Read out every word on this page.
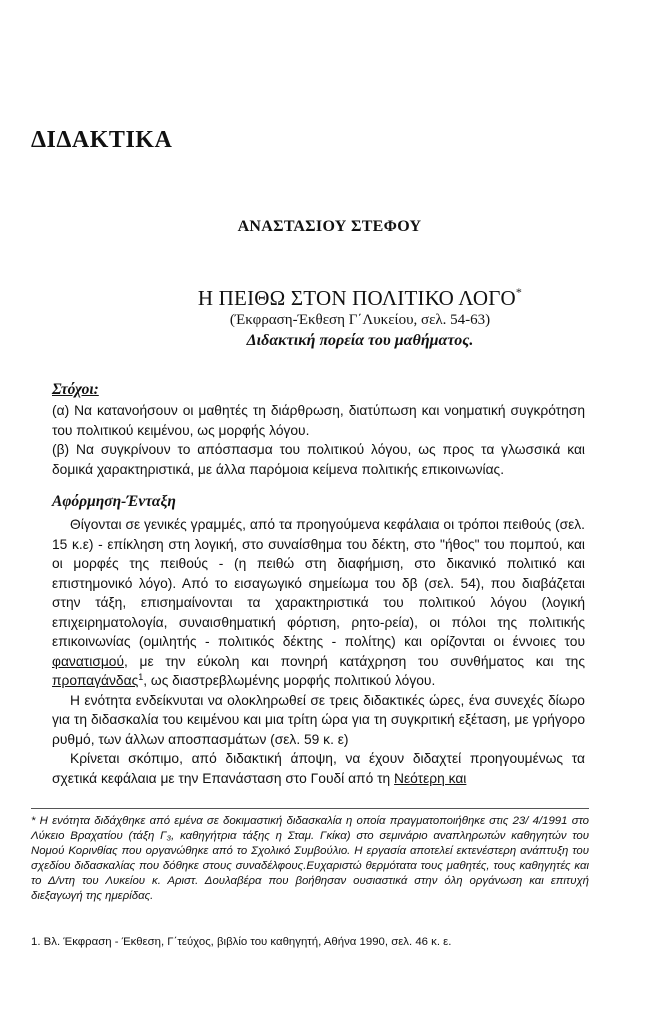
ΔΙΔΑΚΤΙΚΑ
ΑΝΑΣΤΑΣΙΟΥ ΣΤΕΦΟΥ
Η ΠΕΙΘΩ ΣΤΟΝ ΠΟΛΙΤΙΚΟ ΛΟΓΟ*
(Έκφραση-Έκθεση Γ΄Λυκείου, σελ. 54-63)
Διδακτική πορεία του μαθήματος.
Στόχοι:

(α) Να κατανοήσουν οι μαθητές τη διάρθρωση, διατύπωση και νοηματική συγκρότηση του πολιτικού κειμένου, ως μορφής λόγου.

(β) Να συγκρίνουν το απόσπασμα του πολιτικού λόγου, ως προς τα γλωσσικά και δομικά χαρακτηριστικά, με άλλα παρόμοια κείμενα πολιτικής επικοινωνίας.

Αφόρμηση-Ένταξη

Θίγονται σε γενικές γραμμές, από τα προηγούμενα κεφάλαια οι τρόποι πειθούς (σελ. 15 κ.ε) - επίκληση στη λογική, στο συναίσθημα του δέκτη, στο "ήθος" του πομπού, και οι μορφές της πειθούς - (η πειθώ στη διαφήμιση, στο δικανικό πολιτικό και επιστημονικό λόγο). Από το εισαγωγικό σημείωμα του δβ (σελ. 54), που διαβάζεται στην τάξη, επισημαίνονται τα χαρακτηριστικά του πολιτικού λόγου (λογική επιχειρηματολογία, συναισθηματική φόρτιση, ρητο-ρεία), οι πόλοι της πολιτικής επικοινωνίας (ομιλητής - πολιτικός δέκτης - πολίτης) και ορίζονται οι έννοιες του φανατισμού, με την εύκολη και πονηρή κατάχρηση του συνθήματος και της προπαγάνδας$^1$, ως διαστρεβλωμένης μορφής πολιτικού λόγου.

Η ενότητα ενδείκνυται να ολοκληρωθεί σε τρεις διδακτικές ώρες, ένα συνεχές δίωρο για τη διδασκαλία του κειμένου και μια τρίτη ώρα για τη συγκριτική εξέταση, με γρήγορο ρυθμό, των άλλων αποσπασμάτων (σελ. 59 κ. ε)

Κρίνεται σκόπιμο, από διδακτική άποψη, να έχουν διδαχτεί προηγουμένως τα σχετικά κεφάλαια με την Επανάσταση στο Γουδί από τη Νεότερη και

* Η ενότητα διδάχθηκε από εμένα σε δοκιμαστική διδασκαλία η οποία πραγματοποιήθηκε στις 23/ 4/1991 στο Λύκειο Βραχατίου (τάξη Γ₃, καθηγήτρια τάξης η Σταμ. Γκίκα) στο σεμινάριο αναπληρωτών καθηγητών του Νομού Κορινθίας που οργανώθηκε από το Σχολικό Συμβούλιο. Η εργασία αποτελεί εκτενέστερη ανάπτυξη του σχεδίου διδασκαλίας που δόθηκε στους συναδέλφους.Ευχαριστώ θερμότατα τους μαθητές, τους καθηγητές και το Δ/ντη του Λυκείου κ. Αριστ. Δουλαβέρα που βοήθησαν ουσιαστικά στην όλη οργάνωση και επιτυχή διεξαγωγή της ημερίδας.

1. Βλ. Έκφραση - Έκθεση, Γ΄τεύχος, βιβλίο του καθηγητή, Αθήνα 1990, σελ. 46 κ. ε.
